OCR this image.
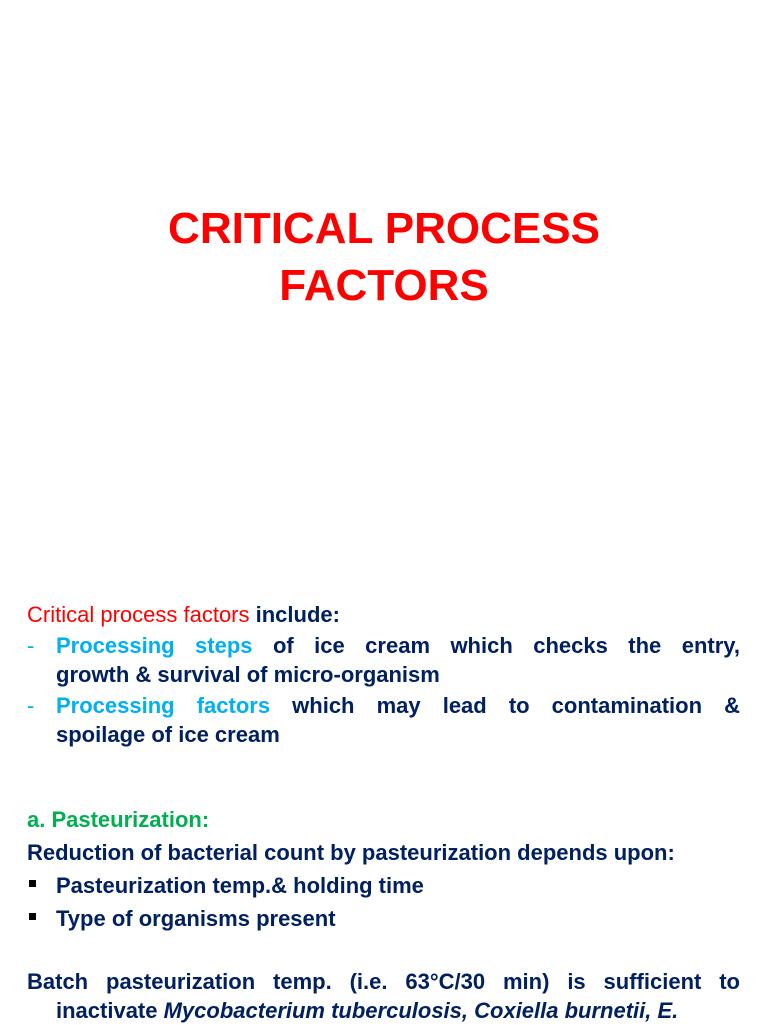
CRITICAL PROCESS
FACTORS
Critical process factors include:
- Processing steps of ice cream which checks the entry,
growth & survival of micro-organism
- Processing factors which may lead to contamination &
spoilage of ice cream
a. Pasteurization:
Reduction of bacterial count by pasteurization depends upon:
Pasteurization temp.& holding time
Type of organisms present
Batch pasteurization temp. (i.e. 63°C/30 min) is sufficient to
inactivate Mycobacterium tuberculosis, Coxiella burnetii, E.
